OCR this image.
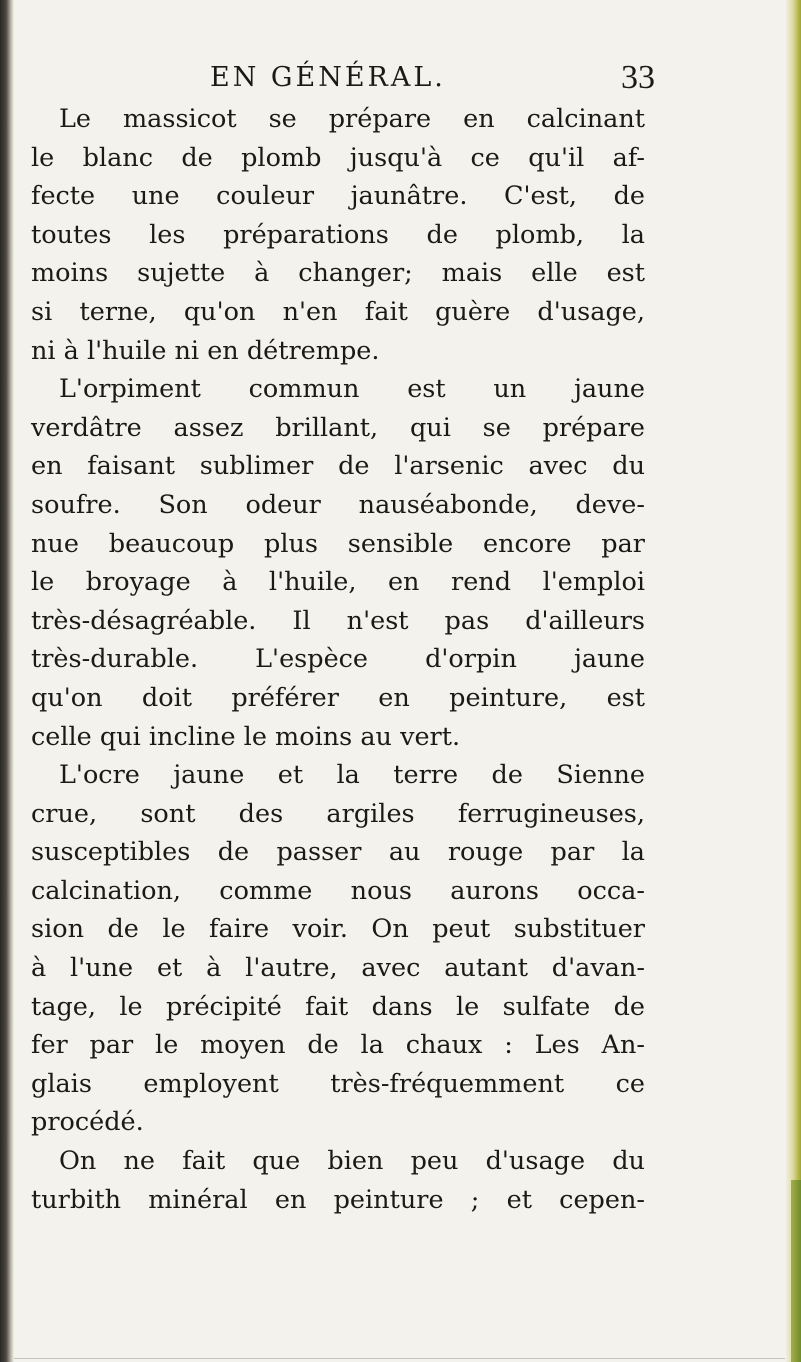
EN GÉNÉRAL.	33
Le massicot se prépare en calcinant
le blanc de plomb jusqu'à ce qu'il af-
fecte une couleur jaunâtre. C'est, de
toutes les préparations de plomb, la
moins sujette à changer; mais elle est
si terne, qu'on n'en fait guère d'usage,
ni à l'huile ni en détrempe.
L'orpiment commun est un jaune
verdâtre assez brillant, qui se prépare
en faisant sublimer de l'arsenic avec du
soufre. Son odeur nauséabonde, deve-
nue beaucoup plus sensible encore par
le broyage à l'huile, en rend l'emploi
très-désagréable. Il n'est pas d'ailleurs
très-durable. L'espèce d'orpin jaune
qu'on doit préférer en peinture, est
celle qui incline le moins au vert.
L'ocre jaune et la terre de Sienne
crue, sont des argiles ferrugineuses,
susceptibles de passer au rouge par la
calcination, comme nous aurons occa-
sion de le faire voir. On peut substituer
à l'une et à l'autre, avec autant d'avan-
tage, le précipité fait dans le sulfate de
fer par le moyen de la chaux : Les An-
glais employent très-fréquemment ce
procédé.
On ne fait que bien peu d'usage du
turbith minéral en peinture ; et cepen-
